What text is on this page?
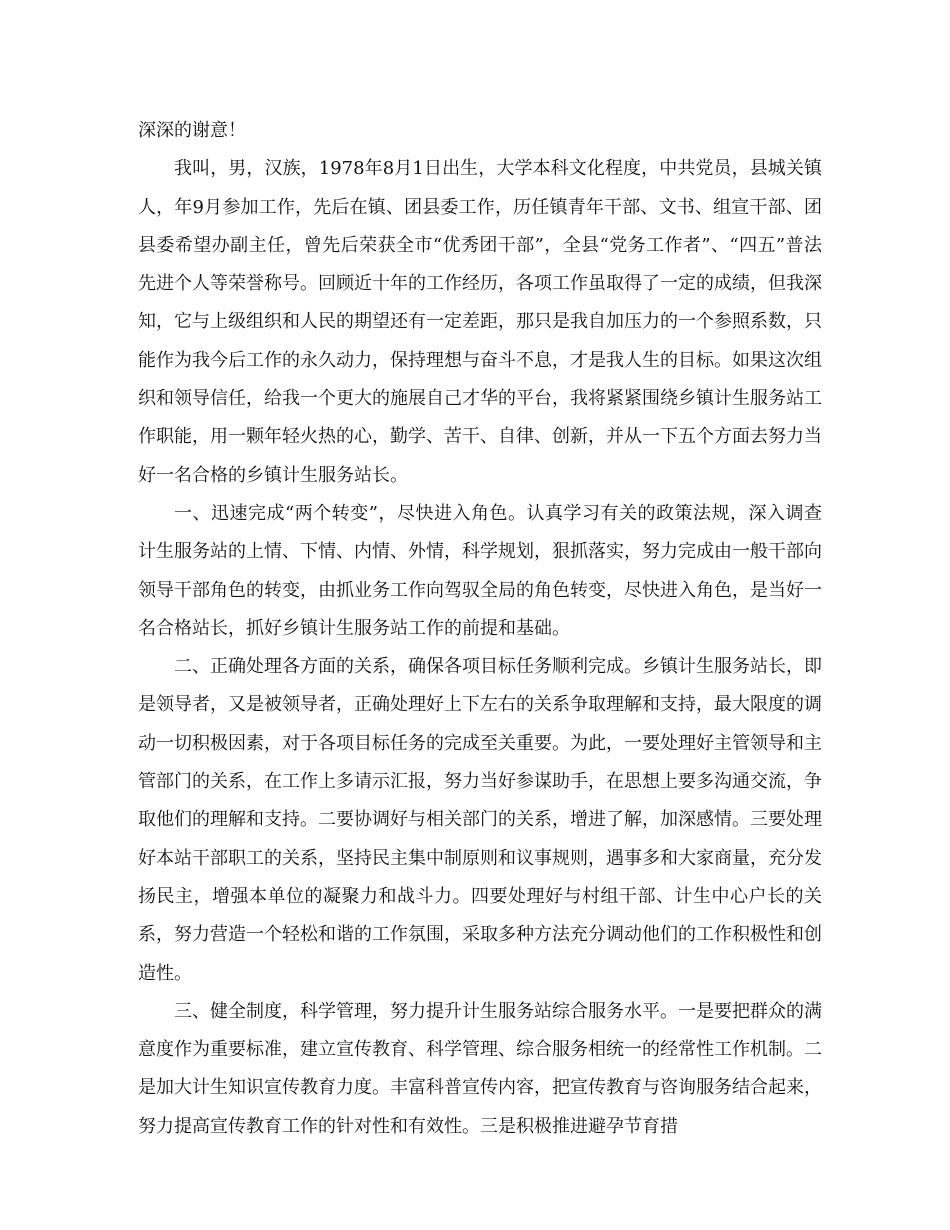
深深的谢意！

我叫，男，汉族，1978年8月1日出生，大学本科文化程度，中共党员，县城关镇人，年9月参加工作，先后在镇、团县委工作，历任镇青年干部、文书、组宣干部、团县委希望办副主任，曾先后荣获全市“优秀团干部”，全县“党务工作者”、“四五”普法先进个人等荣誉称号。回顾近十年的工作经历，各项工作虽取得了一定的成绩，但我深知，它与上级组织和人民的期望还有一定差距，那只是我自加压力的一个参照系数，只能作为我今后工作的永久动力，保持理想与奋斗不息，才是我人生的目标。如果这次组织和领导信任，给我一个更大的施展自己才华的平台，我将紧紧围绕乡镇计生服务站工作职能，用一颗年轻火热的心，勤学、苦干、自律、创新，并从一下五个方面去努力当好一名合格的乡镇计生服务站长。

一、迅速完成“两个转变”，尽快进入角色。认真学习有关的政策法规，深入调查计生服务站的上情、下情、内情、外情，科学规划，狠抓落实，努力完成由一般干部向领导干部角色的转变，由抓业务工作向驾驭全局的角色转变，尽快进入角色，是当好一名合格站长，抓好乡镇计生服务站工作的前提和基础。

二、正确处理各方面的关系，确保各项目标任务顺利完成。乡镇计生服务站长，即是领导者，又是被领导者，正确处理好上下左右的关系争取理解和支持，最大限度的调动一切积极因素，对于各项目标任务的完成至关重要。为此，一要处理好主管领导和主管部门的关系，在工作上多请示汇报，努力当好参谋助手，在思想上要多沟通交流，争取他们的理解和支持。二要协调好与相关部门的关系，增进了解，加深感情。三要处理好本站干部职工的关系，坚持民主集中制原则和议事规则，遇事多和大家商量，充分发扬民主，增强本单位的凝聚力和战斗力。四要处理好与村组干部、计生中心户长的关系，努力营造一个轻松和谐的工作氛围，采取多种方法充分调动他们的工作积极性和创造性。

三、健全制度，科学管理，努力提升计生服务站综合服务水平。一是要把群众的满意度作为重要标准，建立宣传教育、科学管理、综合服务相统一的经常性工作机制。二是加大计生知识宣传教育力度。丰富科普宣传内容，把宣传教育与咨询服务结合起来，努力提高宣传教育工作的针对性和有效性。三是积极推进避孕节育措
